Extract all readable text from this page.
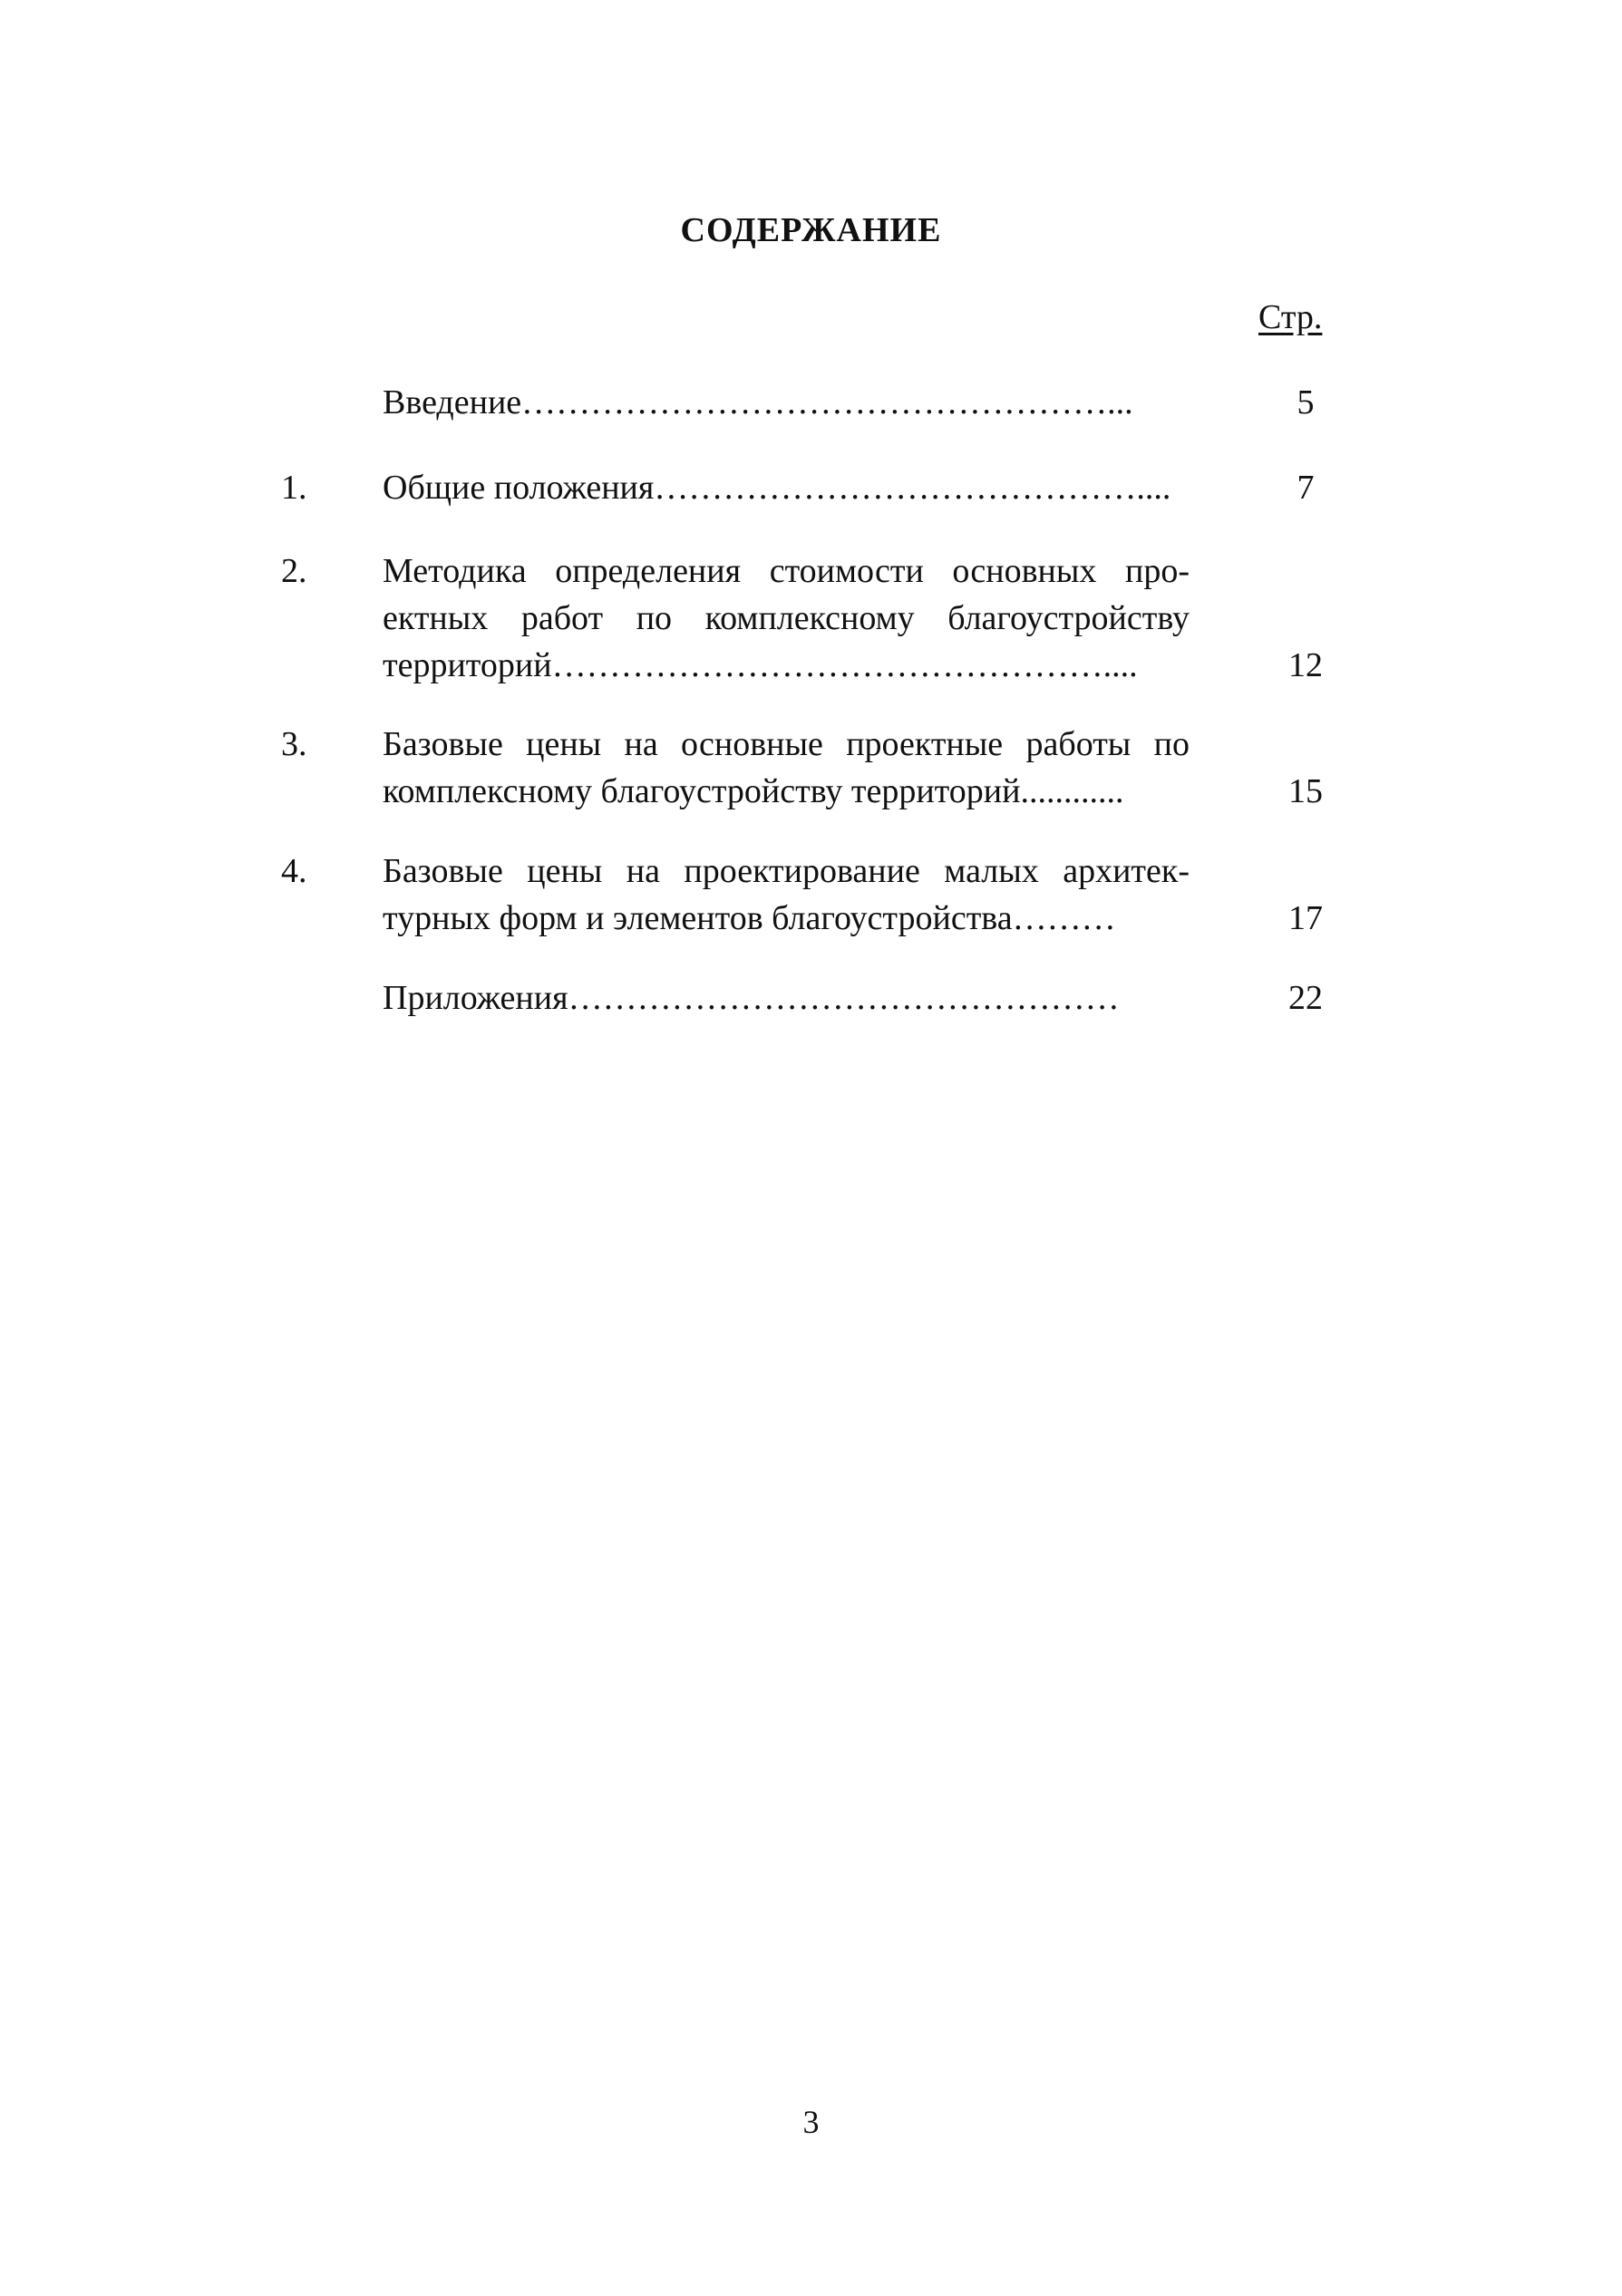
СОДЕРЖАНИЕ
Стр.
Введение……………………………………………...	5
1. Общие положения……………………………………....	7
2. Методика определения стоимости основных про-
ектных работ по комплексному благоустройству
территорий…………………………………………....	12
3. Базовые цены на основные проектные работы по
комплексному благоустройству территорий............	15
4. Базовые цены на проектирование малых архитек-
турных форм и элементов благоустройства………	17
Приложения…………………………………………	22
3
